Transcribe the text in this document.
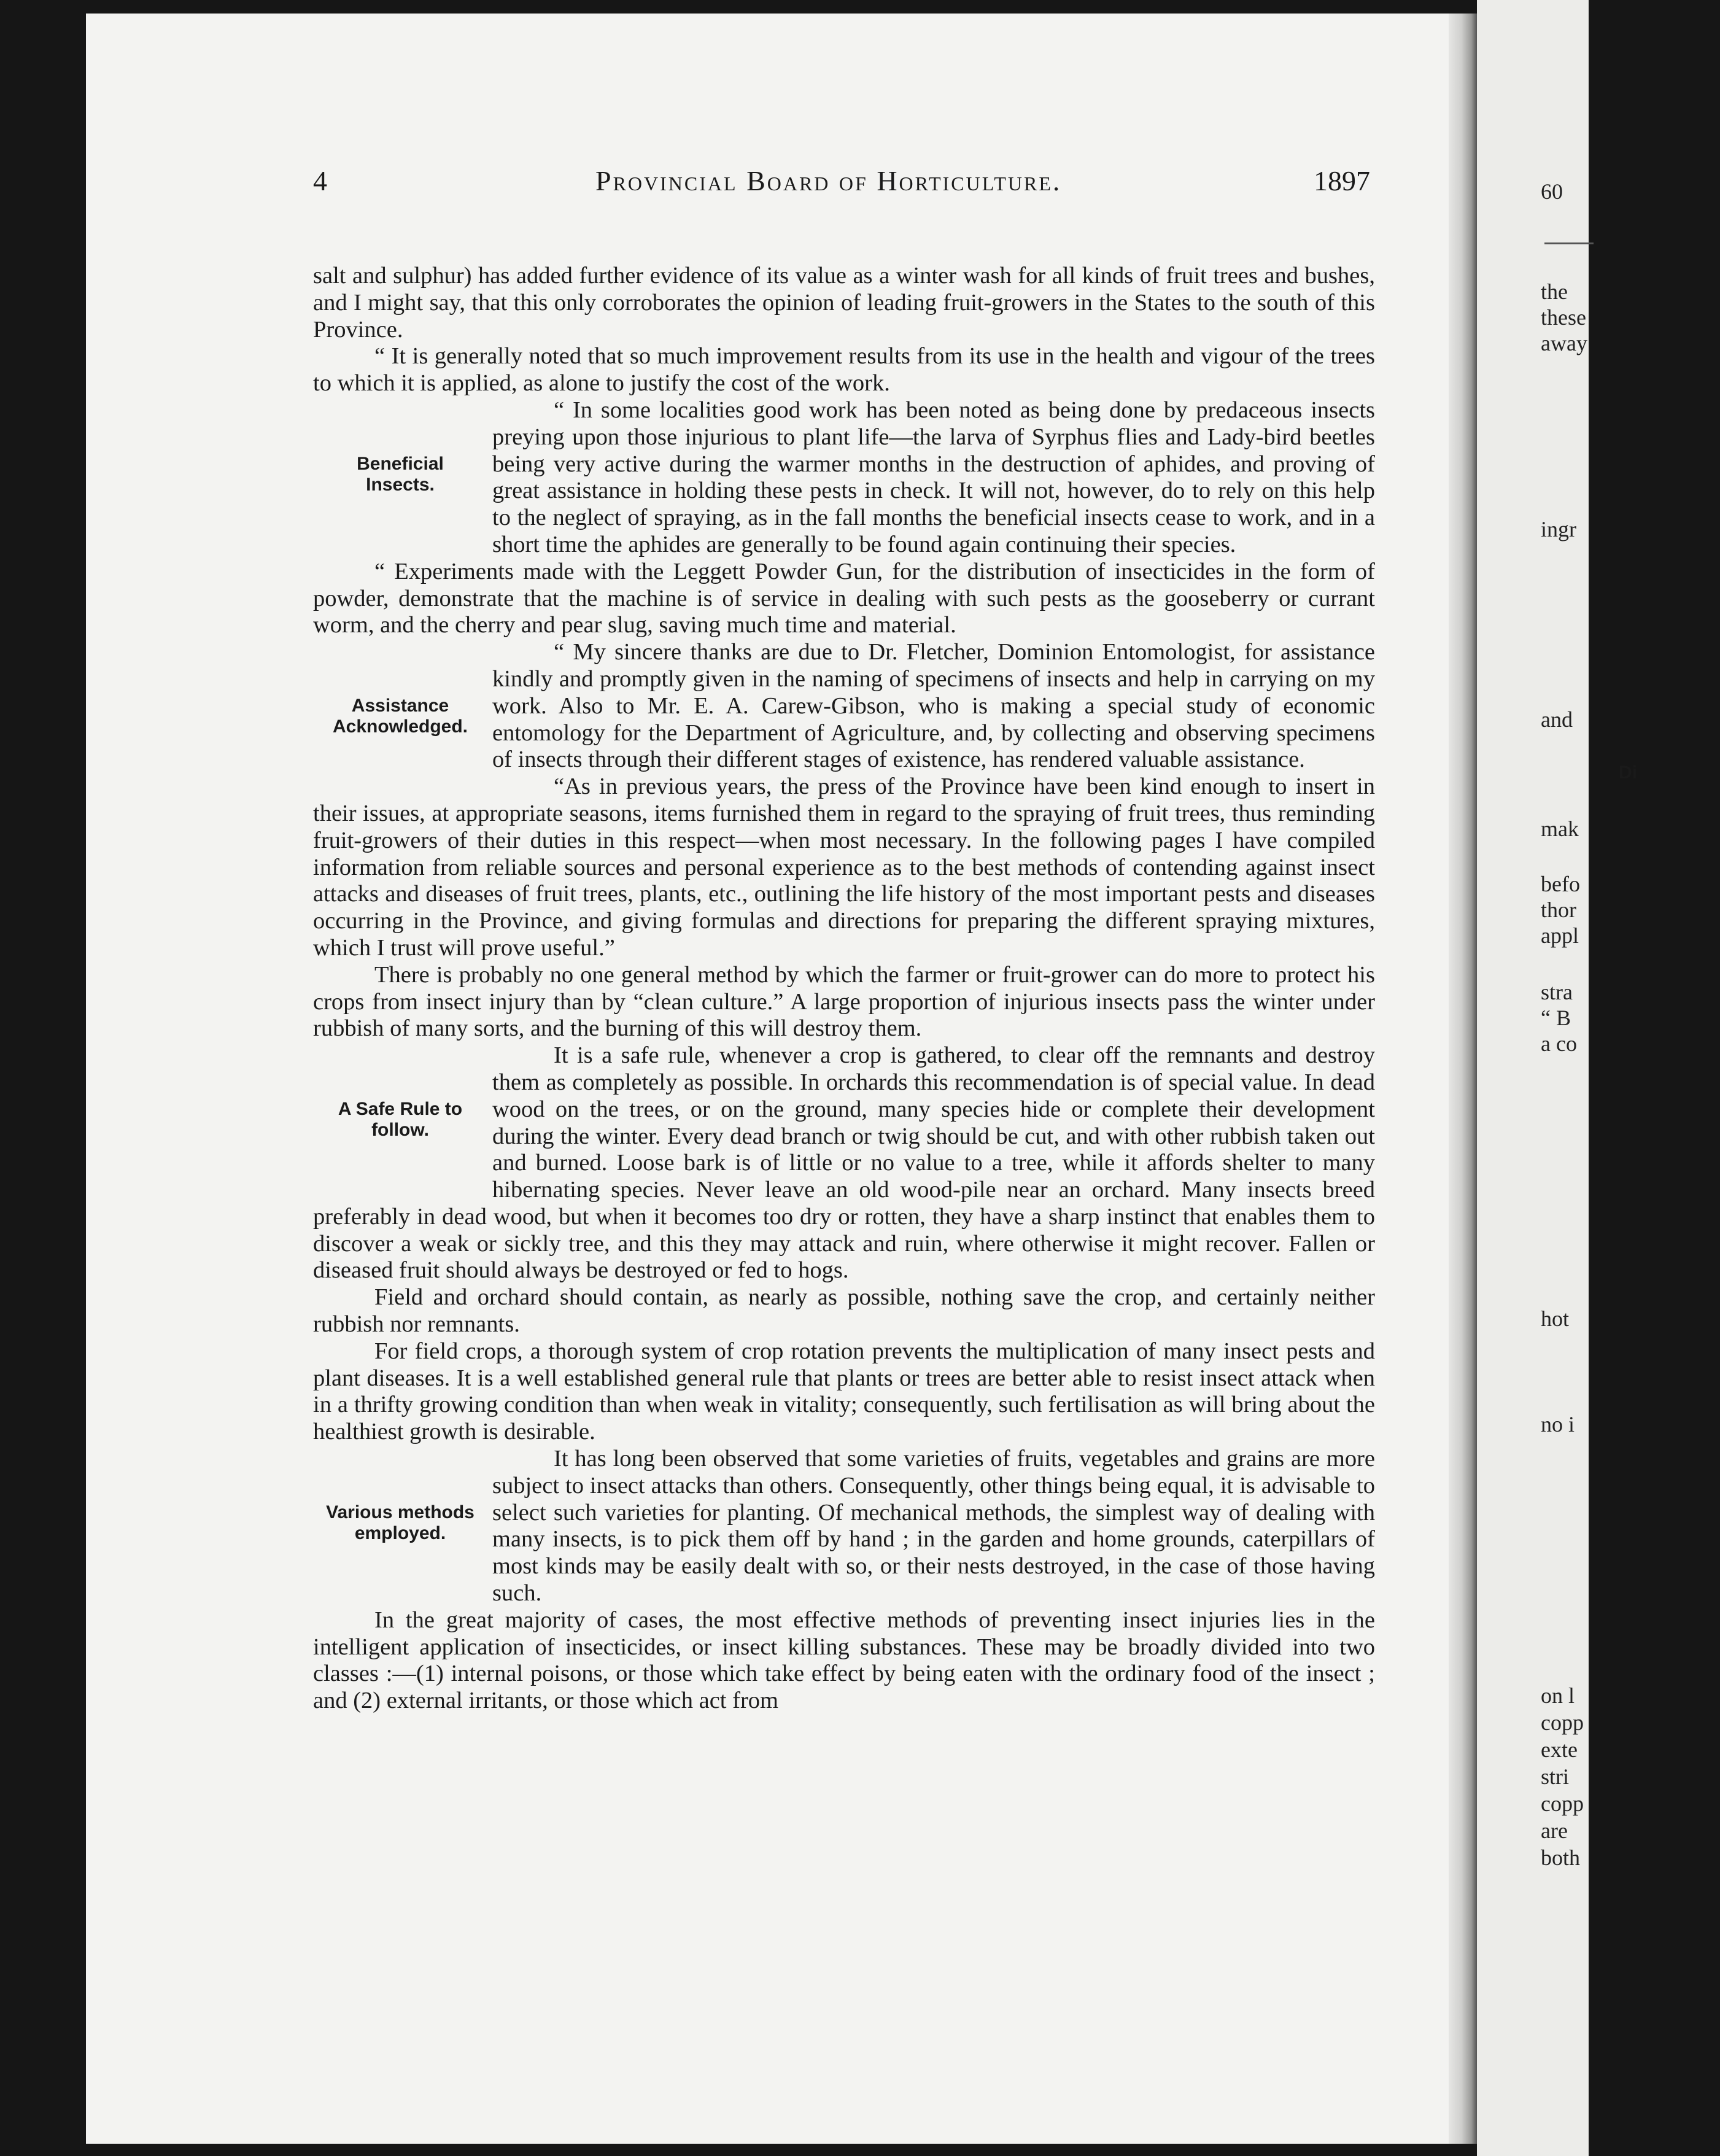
60
the
these
away
ingr
and
Di
mak
befo
thor
appl
stra
“ B
a co
hot
no i
on l
copp
exte
stri
copp
are
both
4	Provincial Board of Horticulture.	1897

salt and sulphur) has added further evidence of its value as a winter wash for all kinds of fruit trees and bushes, and I might say, that this only corroborates the opinion of leading fruit-growers in the States to the south of this Province.

“ It is generally noted that so much improvement results from its use in the health and vigour of the trees to which it is applied, as alone to justify the cost of the work.

Beneficial
Insects.

“ In some localities good work has been noted as being done by predaceous insects preying upon those injurious to plant life—the larva of Syrphus flies and Lady-bird beetles being very active during the warmer months in the destruction of aphides, and proving of great assistance in holding these pests in check. It will not, however, do to rely on this help to the neglect of spraying, as in the fall months the beneficial insects cease to work, and in a short time the aphides are generally to be found again continuing their species.

“ Experiments made with the Leggett Powder Gun, for the distribution of insecticides in the form of powder, demonstrate that the machine is of service in dealing with such pests as the gooseberry or currant worm, and the cherry and pear slug, saving much time and material.

Assistance
Acknowledged.

“ My sincere thanks are due to Dr. Fletcher, Dominion Entomologist, for assistance kindly and promptly given in the naming of specimens of insects and help in carrying on my work. Also to Mr. E. A. Carew-Gibson, who is making a special study of economic entomology for the Department of Agriculture, and, by collecting and observing specimens of insects through their different stages of existence, has rendered valuable assistance.

“As in previous years, the press of the Province have been kind enough to insert in their issues, at appropriate seasons, items furnished them in regard to the spraying of fruit trees, thus reminding fruit-growers of their duties in this respect—when most necessary. In the following pages I have compiled information from reliable sources and personal experience as to the best methods of contending against insect attacks and diseases of fruit trees, plants, etc., outlining the life history of the most important pests and diseases occurring in the Province, and giving formulas and directions for preparing the different spraying mixtures, which I trust will prove useful.”

There is probably no one general method by which the farmer or fruit-grower can do more to protect his crops from insect injury than by “clean culture.” A large proportion of injurious insects pass the winter under rubbish of many sorts, and the burning of this will destroy them.

A Safe Rule to
follow.

It is a safe rule, whenever a crop is gathered, to clear off the remnants and destroy them as completely as possible. In orchards this recommendation is of special value. In dead wood on the trees, or on the ground, many species hide or complete their development during the winter. Every dead branch or twig should be cut, and with other rubbish taken out and burned. Loose bark is of little or no value to a tree, while it affords shelter to many hibernating species. Never leave an old wood-pile near an orchard. Many insects breed preferably in dead wood, but when it becomes too dry or rotten, they have a sharp instinct that enables them to discover a weak or sickly tree, and this they may attack and ruin, where otherwise it might recover. Fallen or diseased fruit should always be destroyed or fed to hogs.

Field and orchard should contain, as nearly as possible, nothing save the crop, and certainly neither rubbish nor remnants.

For field crops, a thorough system of crop rotation prevents the multiplication of many insect pests and plant diseases. It is a well established general rule that plants or trees are better able to resist insect attack when in a thrifty growing condition than when weak in vitality; consequently, such fertilisation as will bring about the healthiest growth is desirable.

Various methods
employed.

It has long been observed that some varieties of fruits, vegetables and grains are more subject to insect attacks than others. Consequently, other things being equal, it is advisable to select such varieties for planting. Of mechanical methods, the simplest way of dealing with many insects, is to pick them off by hand ; in the garden and home grounds, caterpillars of most kinds may be easily dealt with so, or their nests destroyed, in the case of those having such.

In the great majority of cases, the most effective methods of preventing insect injuries lies in the intelligent application of insecticides, or insect killing substances. These may be broadly divided into two classes :—(1) internal poisons, or those which take effect by being eaten with the ordinary food of the insect ; and (2) external irritants, or those which act from
